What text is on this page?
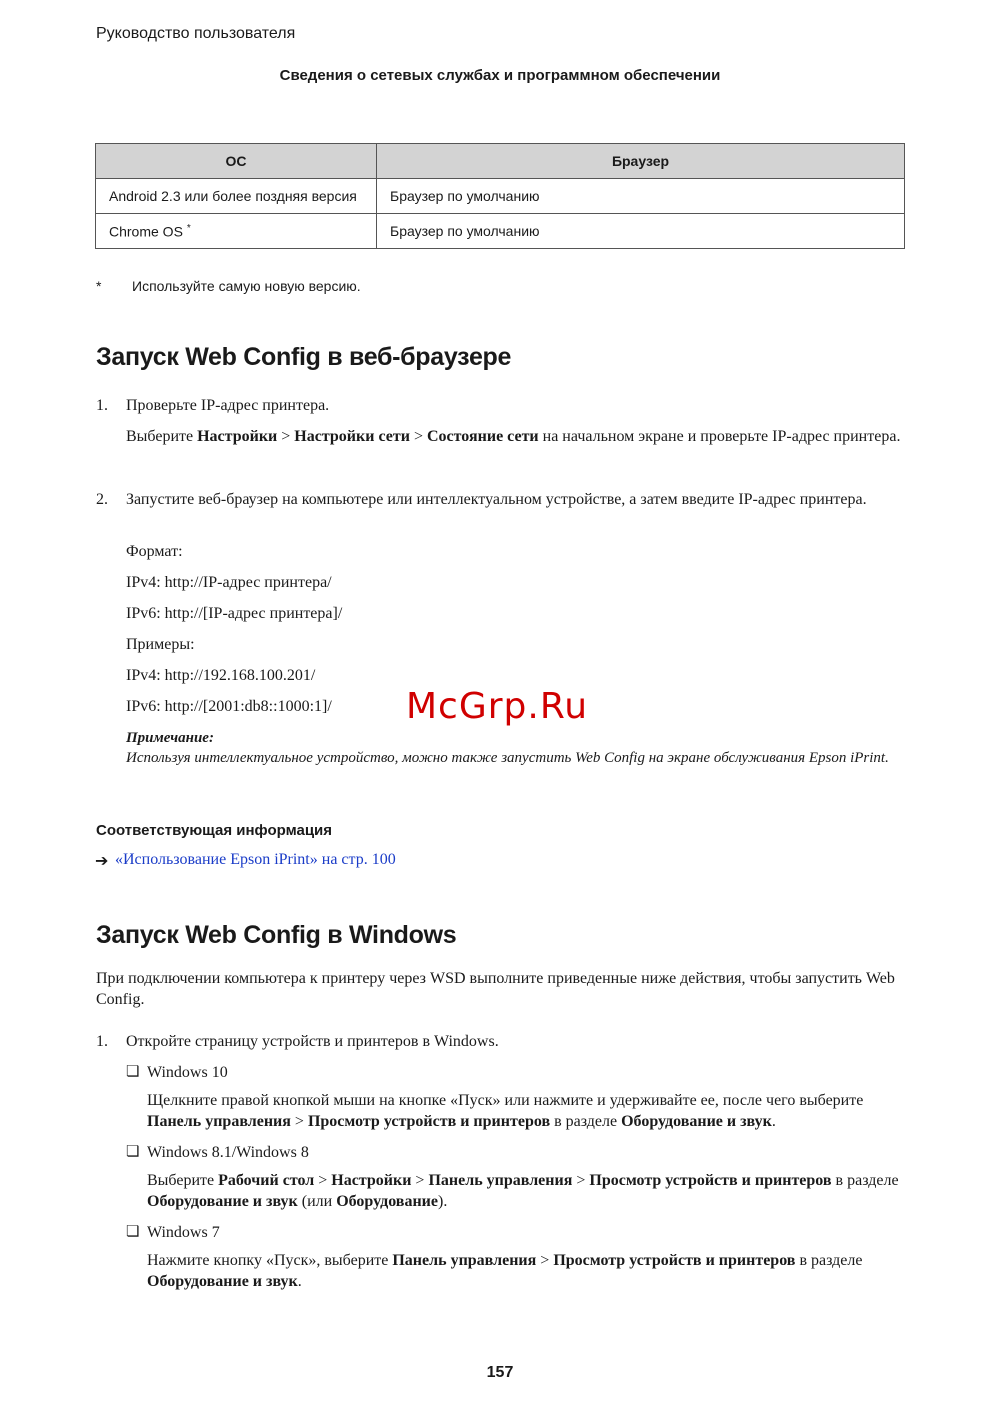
Руководство пользователя
Сведения о сетевых службах и программном обеспечении
ОС	Браузер
Android 2.3 или более поздняя версия	Браузер по умолчанию
Chrome OS *	Браузер по умолчанию
* Используйте самую новую версию.
Запуск Web Config в веб-браузере
1. Проверьте IP-адрес принтера.
Выберите Настройки > Настройки сети > Состояние сети на начальном экране и проверьте IP-адрес принтера.
2. Запустите веб-браузер на компьютере или интеллектуальном устройстве, а затем введите IP-адрес принтера.
Формат:
IPv4: http://IP-адрес принтера/
IPv6: http://[IP-адрес принтера]/
Примеры:
IPv4: http://192.168.100.201/
IPv6: http://[2001:db8::1000:1]/
Примечание:
Используя интеллектуальное устройство, можно также запустить Web Config на экране обслуживания Epson iPrint.
Соответствующая информация
➔ «Использование Epson iPrint» на стр. 100
Запуск Web Config в Windows
При подключении компьютера к принтеру через WSD выполните приведенные ниже действия, чтобы запустить Web Config.
1. Откройте страницу устройств и принтеров в Windows.
❏ Windows 10
Щелкните правой кнопкой мыши на кнопке «Пуск» или нажмите и удерживайте ее, после чего выберите Панель управления > Просмотр устройств и принтеров в разделе Оборудование и звук.
❏ Windows 8.1/Windows 8
Выберите Рабочий стол > Настройки > Панель управления > Просмотр устройств и принтеров в разделе Оборудование и звук (или Оборудование).
❏ Windows 7
Нажмите кнопку «Пуск», выберите Панель управления > Просмотр устройств и принтеров в разделе Оборудование и звук.
McGrp.Ru
157
